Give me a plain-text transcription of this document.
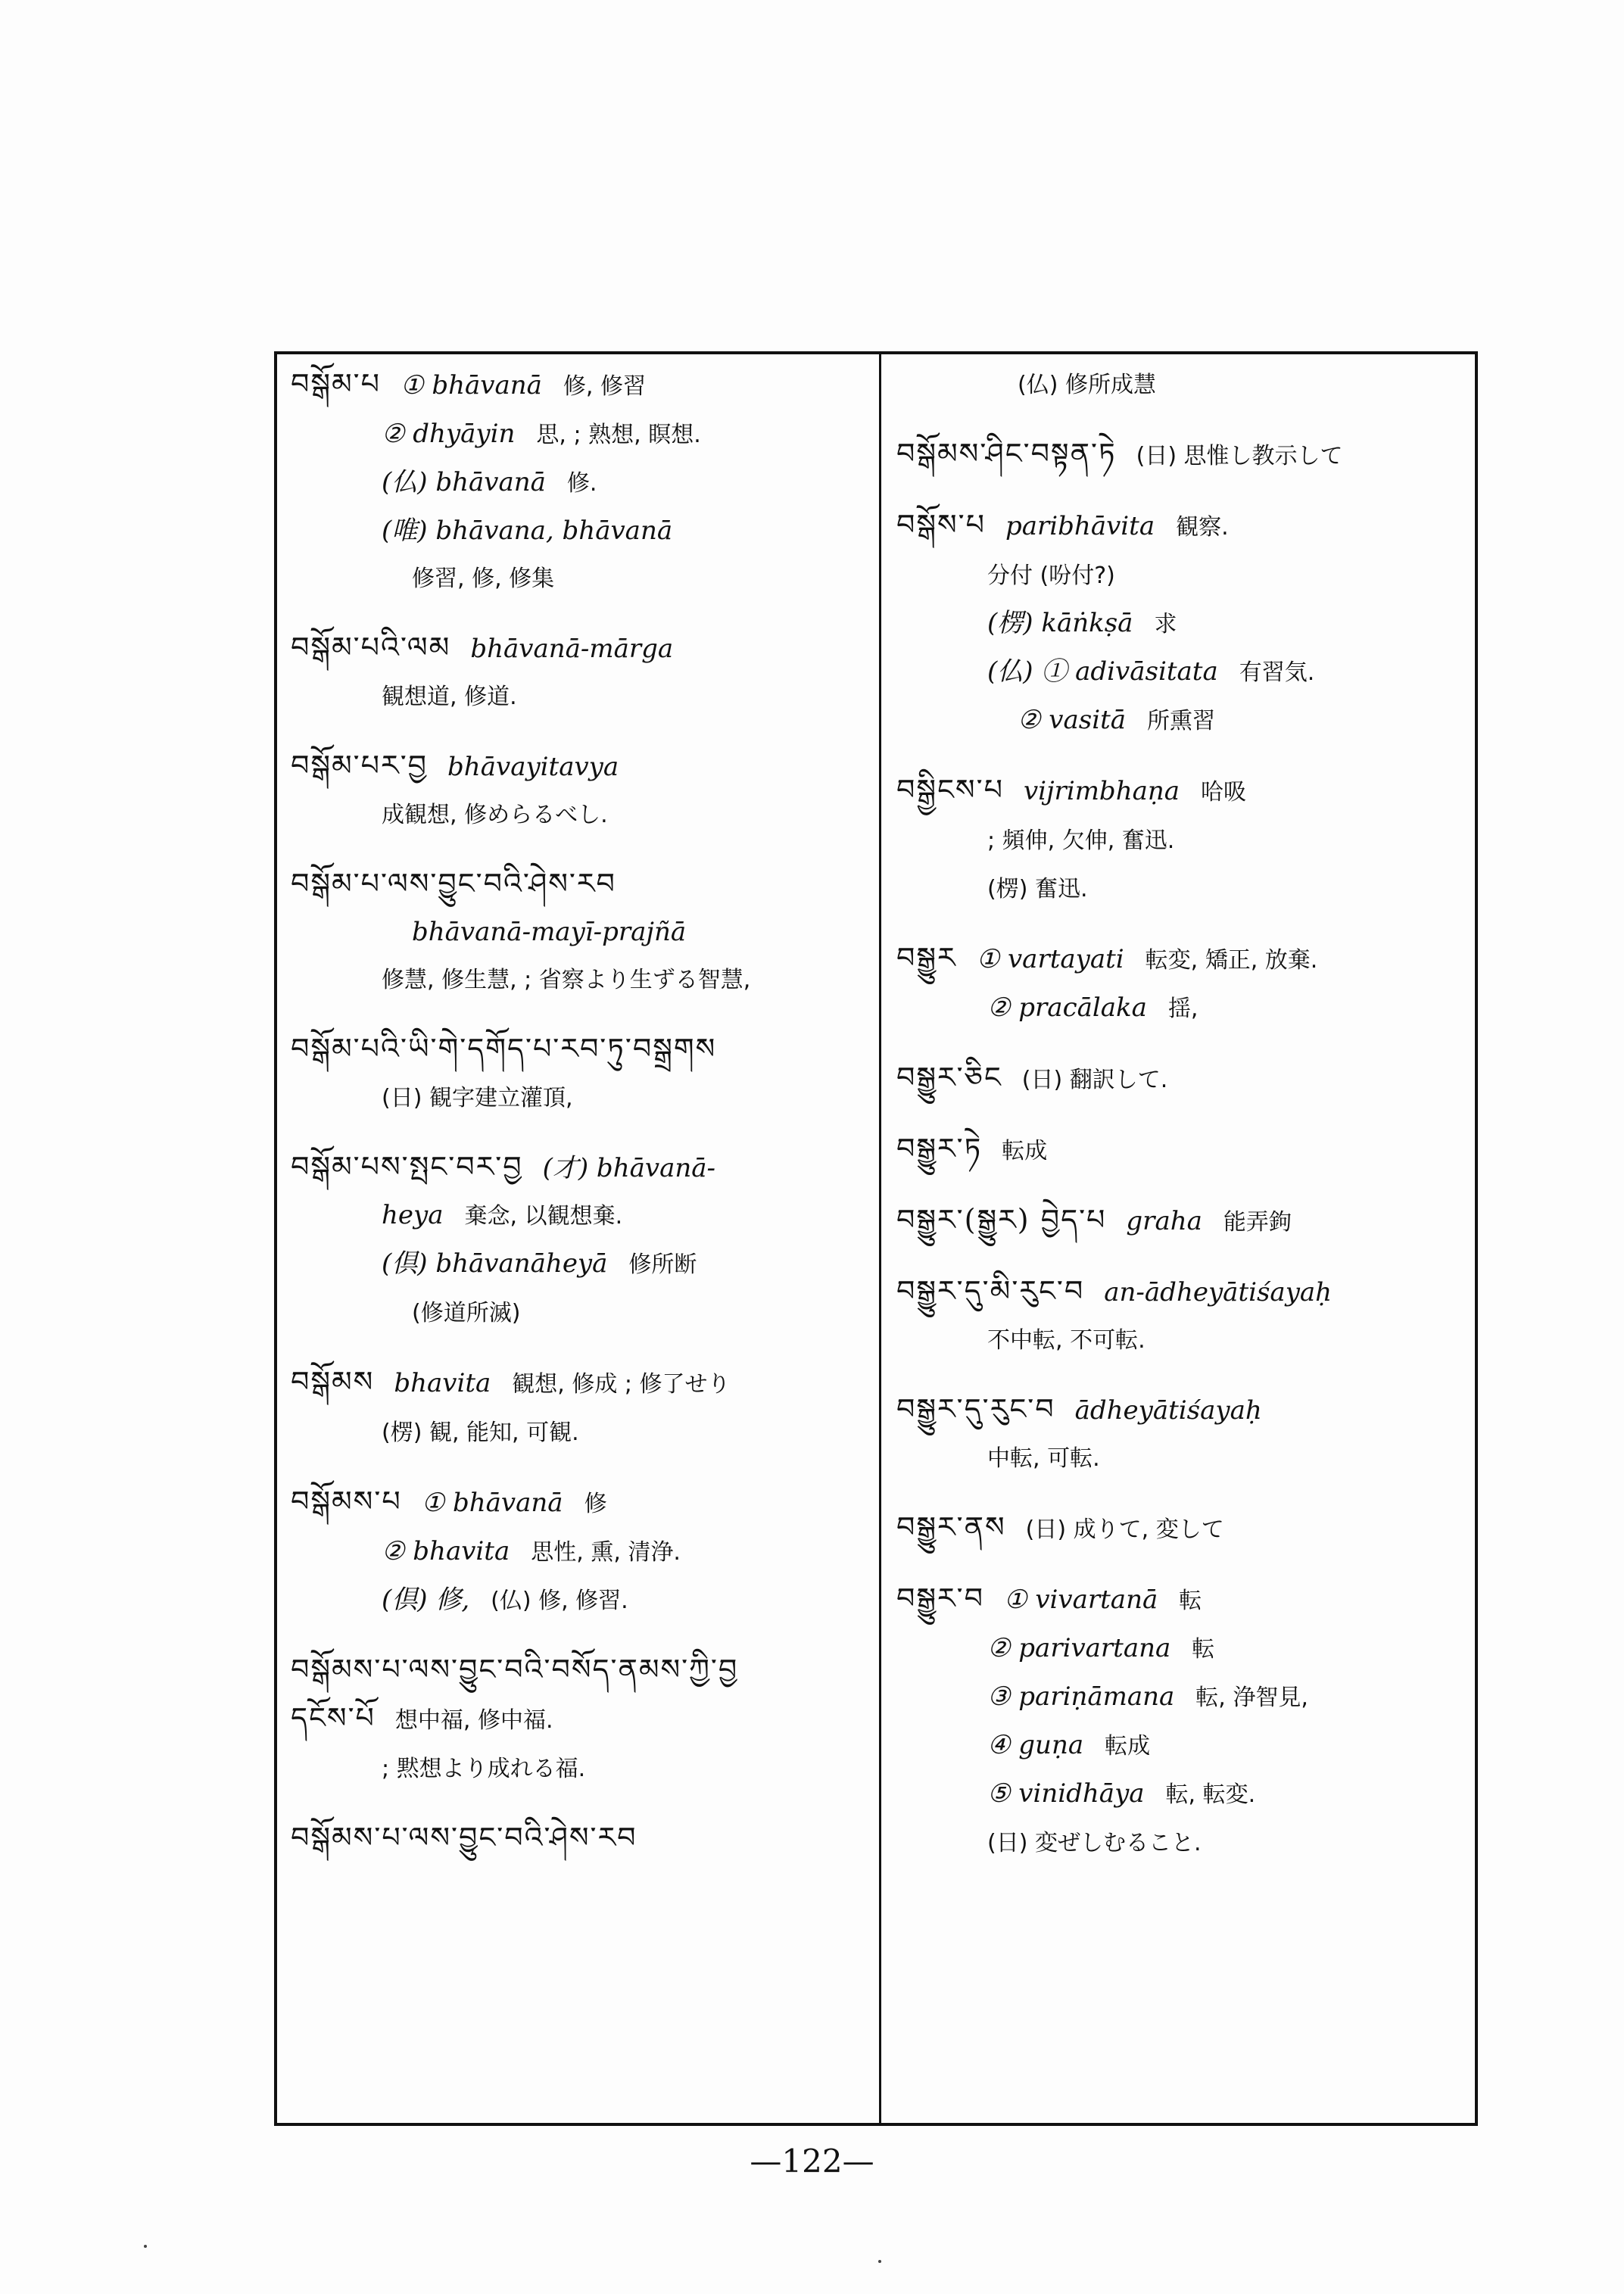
བསྒོམ་པ ① bhāvanā 修, 修習
② dhyāyin 思, ; 熟想, 瞑想.
(仏) bhāvanā 修.
(唯) bhāvana, bhāvanā
修習, 修, 修集
བསྒོམ་པའི་ལམ bhāvanā-mārga
観想道, 修道.
བསྒོམ་པར་བྱ bhāvayitavya
成観想, 修めらるべし.
བསྒོམ་པ་ལས་བྱུང་བའི་ཤེས་རབ
bhāvanā-mayī-prajñā
修慧, 修生慧, ; 省察より生ずる智慧,
བསྒོམ་པའི་ཡི་གེ་དགོད་པ་རབ་ཏུ་བསྒྲགས
(日) 観字建立灌頂,
བསྒོམ་པས་སྤང་བར་བྱ (才) bhāvanā-
heya 棄念, 以観想棄.
(倶) bhāvanāheyā 修所断
(修道所滅)
བསྒོམས bhavita 観想, 修成 ; 修了せり
(楞) 観, 能知, 可観.
བསྒོམས་པ ① bhāvanā 修
② bhavita 思性, 熏, 清浄.
(倶) 修, (仏) 修, 修習.
བསྒོམས་པ་ལས་བྱུང་བའི་བསོད་ནམས་ཀྱི་བྱ
དངོས་པོ 想中福, 修中福.
; 黙想より成れる福.
བསྒོམས་པ་ལས་བྱུང་བའི་ཤེས་རབ
(仏) 修所成慧
བསྒོམས་ཤིང་བསྟན་ཏེ (日) 思惟し教示して
བསྒོས་པ paribhāvita 観察.
分付 (吩付?)
(楞) kāṅkṣā 求
(仏) ① adivāsitata 有習気.
② vasitā 所熏習
བསྒྱིངས་པ vijrimbhaṇa 哈吸
; 頻伸, 欠伸, 奮迅.
(楞) 奮迅.
བསྒྱུར ① vartayati 転変, 矯正, 放棄.
② pracālaka 揺,
བསྒྱུར་ཅིང (日) 翻訳して.
བསྒྱུར་ཏེ 転成
བསྒྱུར་(སྒྱུར) བྱེད་པ graha 能弄鉤
བསྒྱུར་དུ་མི་རུང་བ an-ādheyātiśayaḥ
不中転, 不可転.
བསྒྱུར་དུ་རུང་བ ādheyātiśayaḥ
中転, 可転.
བསྒྱུར་ནས (日) 成りて, 変して
བསྒྱུར་བ ① vivartanā 転
② parivartana 転
③ pariṇāmana 転, 浄智見,
④ guṇa 転成
⑤ vinidhāya 転, 転変.
(日) 変ぜしむること.
—122—
